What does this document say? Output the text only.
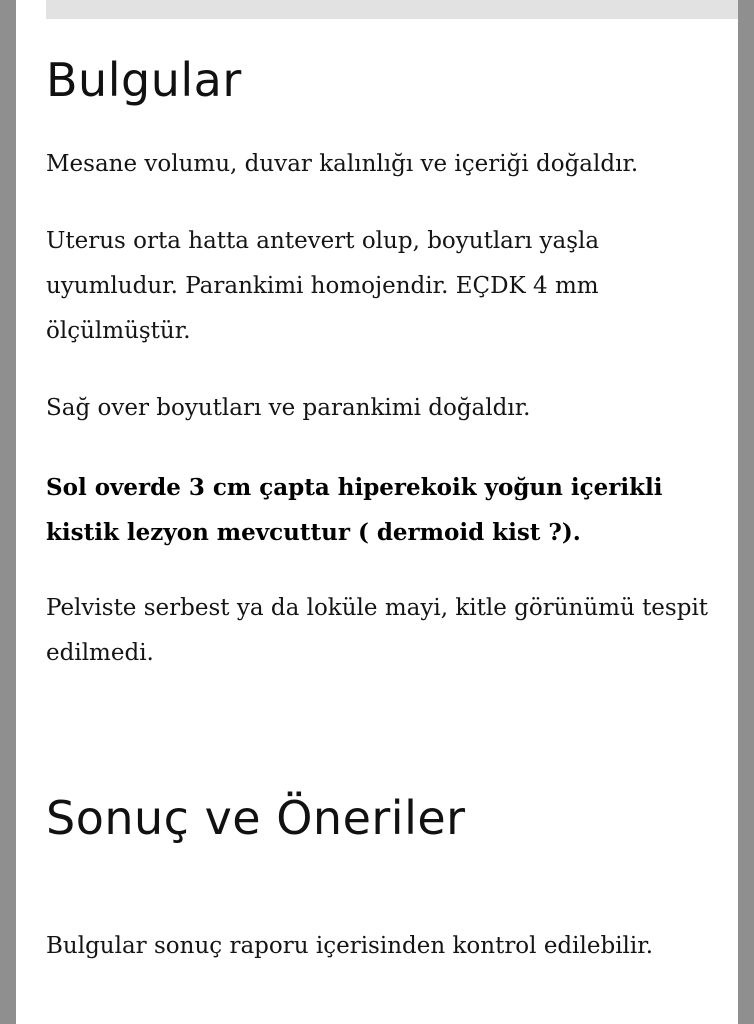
Bulgular

Mesane volumu, duvar kalınlığı ve içeriği doğaldır.

Uterus orta hatta antevert olup, boyutları yaşla uyumludur. Parankimi homojendir. EÇDK 4 mm ölçülmüştür.

Sağ over boyutları ve parankimi doğaldır.

Sol overde 3 cm çapta hiperekoik yoğun içerikli kistik lezyon mevcuttur ( dermoid kist ?).

Pelviste serbest ya da loküle mayi, kitle görünümü tespit edilmedi.

Sonuç ve Öneriler

Bulgular sonuç raporu içerisinden kontrol edilebilir.
